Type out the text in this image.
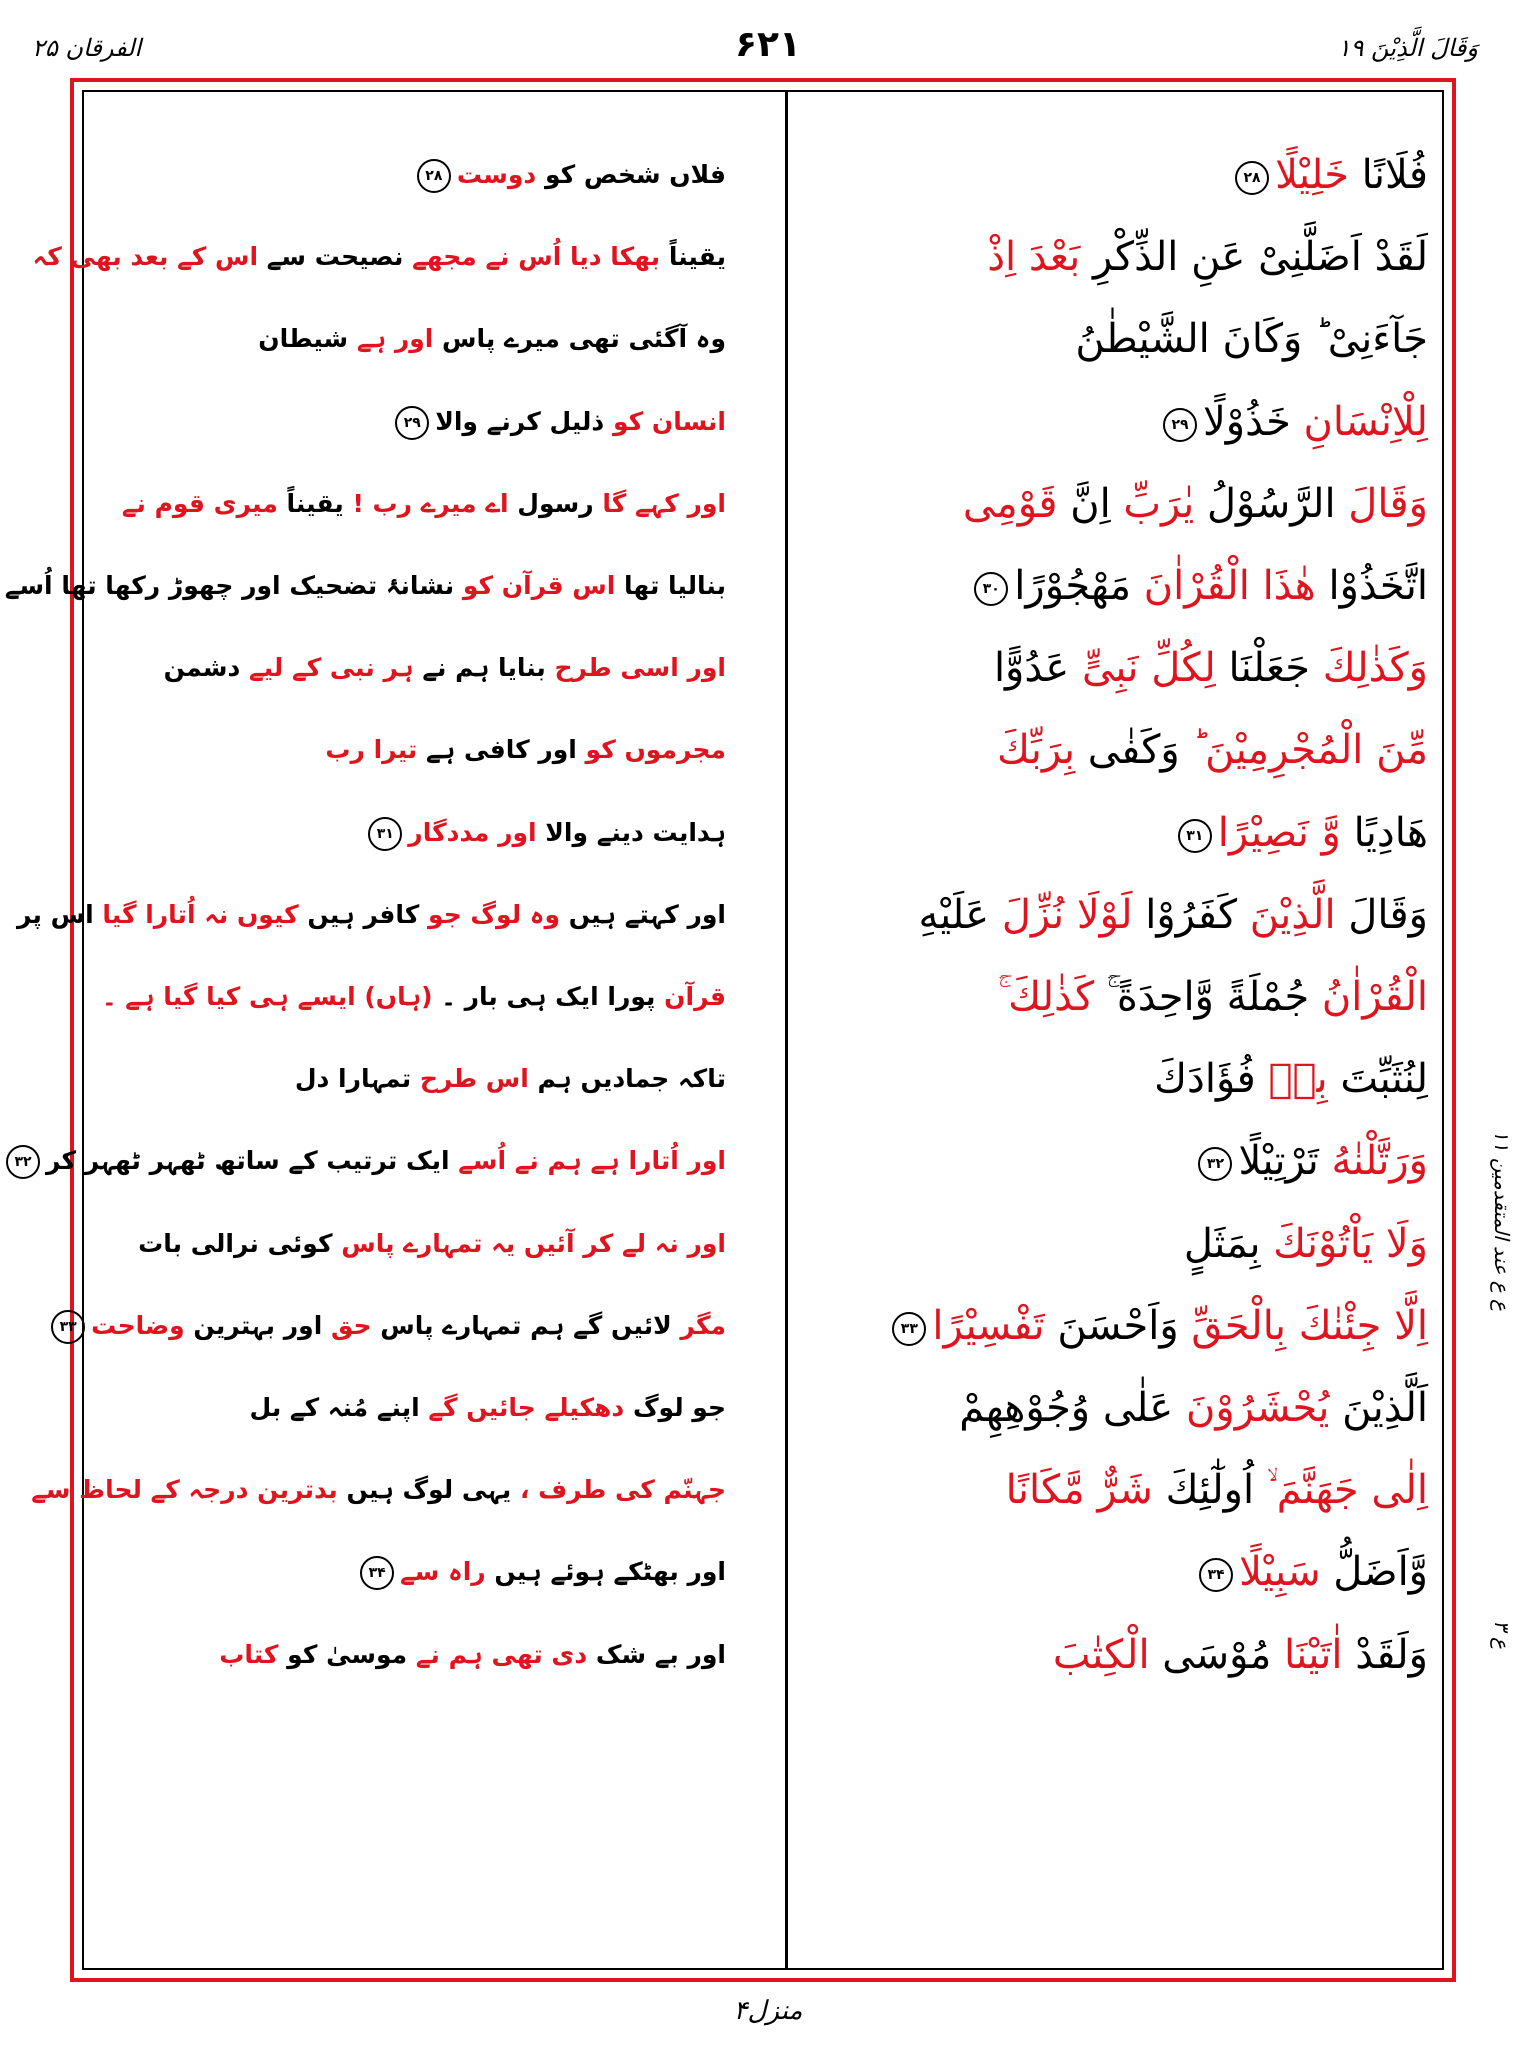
الفرقان ۲۵	۶۲۱	وَقَالَ الَّذِیْنَ ۱۹
ع ع عند المتقدمین ۱۱
ع ۳
فُلَانًا خَلِیْلًا۲۸
فلاں شخص کو دوست۲۸
لَقَدْ اَضَلَّنِیْ عَنِ الذِّكْرِ بَعْدَ اِذْ
یقیناً بھکا دیا اُس نے مجھے نصیحت سے اس کے بعد بھی کہ
جَآءَنِیْ ؕ وَكَانَ الشَّیْطٰنُ
وہ آگئی تھی میرے پاس اور ہے شیطان
لِلْاِنْسَانِ خَذُوْلًا۲۹
انسان کو ذلیل کرنے والا۲۹
وَقَالَ الرَّسُوْلُ یٰرَبِّ اِنَّ قَوْمِی
اور کہے گا رسول اے میرے رب ! یقیناً میری قوم نے
اتَّخَذُوْا هٰذَا الْقُرْاٰنَ مَهْجُوْرًا۳۰
بنالیا تھا اس قرآن کو نشانۂ تضحیک اور چھوڑ رکھا تھا اُسے
وَكَذٰلِكَ جَعَلْنَا لِكُلِّ نَبِیٍّ عَدُوًّا
اور اسی طرح بنایا ہم نے ہر نبی کے لیے دشمن
مِّنَ الْمُجْرِمِیْنَ ؕ وَكَفٰی بِرَبِّكَ
مجرموں کو اور کافی ہے تیرا رب
هَادِیًا وَّ نَصِیْرًا۳۱
ہدایت دینے والا اور مددگار۳۱
وَقَالَ الَّذِیْنَ كَفَرُوْا لَوْلَا نُزِّلَ عَلَیْهِ
اور کہتے ہیں وہ لوگ جو کافر ہیں کیوں نہ اُتارا گیا اس پر
الْقُرْاٰنُ جُمْلَةً وَّاحِدَةً ۚۛ كَذٰلِكَ ۚۛ
قرآن پورا ایک ہی بار ۔ (ہاں) ایسے ہی کیا گیا ہے ۔
لِنُثَبِّتَ بِهٖ فُؤَادَكَ
تاکہ جمادیں ہم اس طرح تمہارا دل
وَرَتَّلْنٰهُ تَرْتِیْلًا۳۲
اور اُتارا ہے ہم نے اُسے ایک ترتیب کے ساتھ ٹھہر ٹھہر کر۳۲
وَلَا یَاْتُوْنَكَ بِمَثَلٍ
اور نہ لے کر آئیں یہ تمہارے پاس کوئی نرالی بات
اِلَّا جِئْنٰكَ بِالْحَقِّ وَاَحْسَنَ تَفْسِیْرًا۳۳
مگر لائیں گے ہم تمہارے پاس حق اور بہترین وضاحت۳۳
اَلَّذِیْنَ یُحْشَرُوْنَ عَلٰی وُجُوْهِهِمْ
جو لوگ دھکیلے جائیں گے اپنے مُنہ کے بل
اِلٰی جَهَنَّمَ ۙ اُولٰٓئِكَ شَرٌّ مَّكَانًا
جہنّم کی طرف ، یہی لوگ ہیں بدترین درجہ کے لحاظ سے
وَّاَضَلُّ سَبِیْلًا۳۴
اور بھٹکے ہوئے ہیں راہ سے۳۴
وَلَقَدْ اٰتَیْنَا مُوْسَی الْكِتٰبَ
اور بے شک دی تھی ہم نے موسیٰ کو کتاب
منزل۴
